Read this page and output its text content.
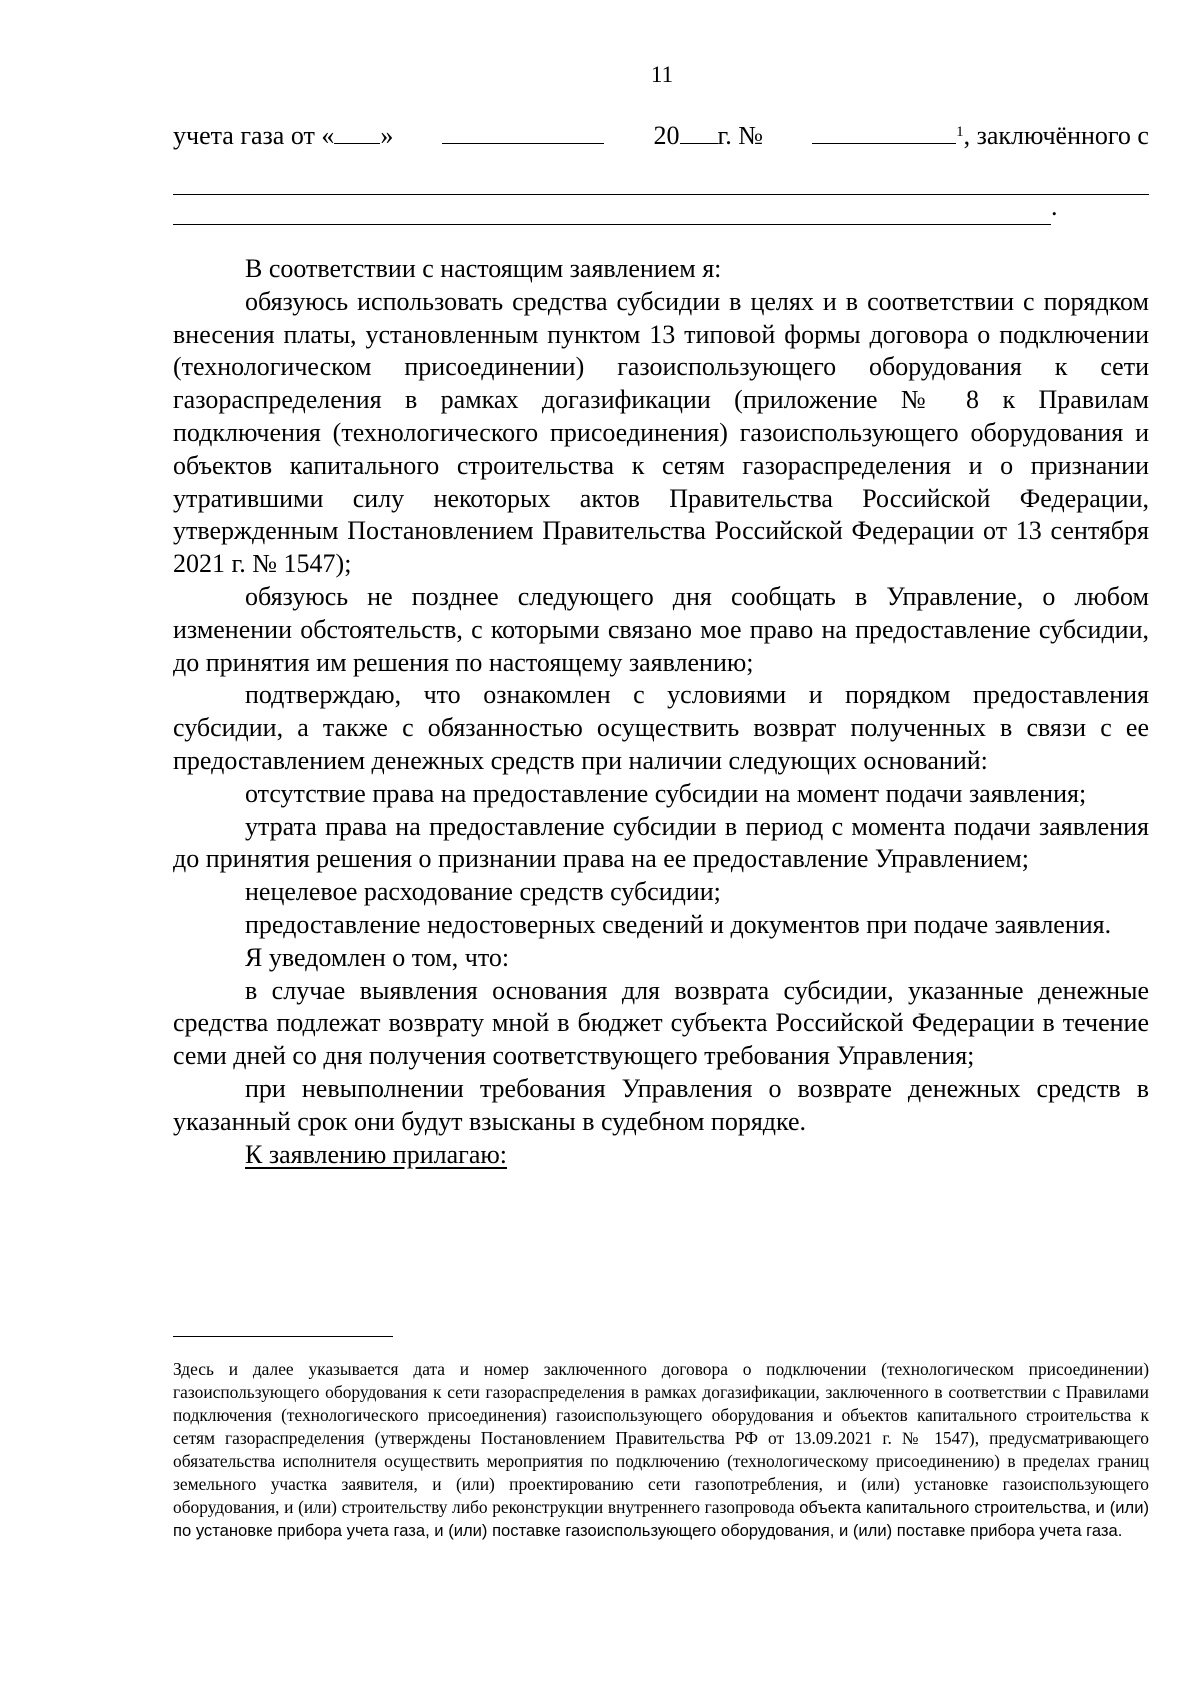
11
учета газа от « »	20 г. №	$^1$, заключённого с
.

В соответствии с настоящим заявлением я:

обязуюсь использовать средства субсидии в целях и в соответствии с порядком внесения платы, установленным пунктом 13 типовой формы договора о подключении (технологическом присоединении) газоиспользующего оборудования к сети газораспределения в рамках догазификации (приложение № 8 к Правилам подключения (технологического присоединения) газоиспользующего оборудования и объектов капитального строительства к сетям газораспределения и о признании утратившими силу некоторых актов Правительства Российской Федерации, утвержденным Постановлением Правительства Российской Федерации от 13 сентября 2021 г. № 1547);

обязуюсь не позднее следующего дня сообщать в Управление, о любом изменении обстоятельств, с которыми связано мое право на предоставление субсидии, до принятия им решения по настоящему заявлению;

подтверждаю, что ознакомлен с условиями и порядком предоставления субсидии, а также с обязанностью осуществить возврат полученных в связи с ее предоставлением денежных средств при наличии следующих оснований:

отсутствие права на предоставление субсидии на момент подачи заявления;

утрата права на предоставление субсидии в период с момента подачи заявления до принятия решения о признании права на ее предоставление Управлением;

нецелевое расходование средств субсидии;

предоставление недостоверных сведений и документов при подаче заявления.

Я уведомлен о том, что:

в случае выявления основания для возврата субсидии, указанные денежные средства подлежат возврату мной в бюджет субъекта Российской Федерации в течение семи дней со дня получения соответствующего требования Управления;

при невыполнении требования Управления о возврате денежных средств в указанный срок они будут взысканы в судебном порядке.

К заявлению прилагаю:

Здесь и далее указывается дата и номер заключенного договора о подключении (технологическом присоединении) газоиспользующего оборудования к сети газораспределения в рамках догазификации, заключенного в соответствии с Правилами подключения (технологического присоединения) газоиспользующего оборудования и объектов капитального строительства к сетям газораспределения (утверждены Постановлением Правительства РФ от 13.09.2021 г. № 1547), предусматривающего обязательства исполнителя осуществить мероприятия по подключению (технологическому присоединению) в пределах границ земельного участка заявителя, и (или) проектированию сети газопотребления, и (или) установке газоиспользующего оборудования, и (или) строительству либо реконструкции внутреннего газопровода объекта капитального строительства, и (или) по установке прибора учета газа, и (или) поставке газоиспользующего оборудования, и (или) поставке прибора учета газа.
